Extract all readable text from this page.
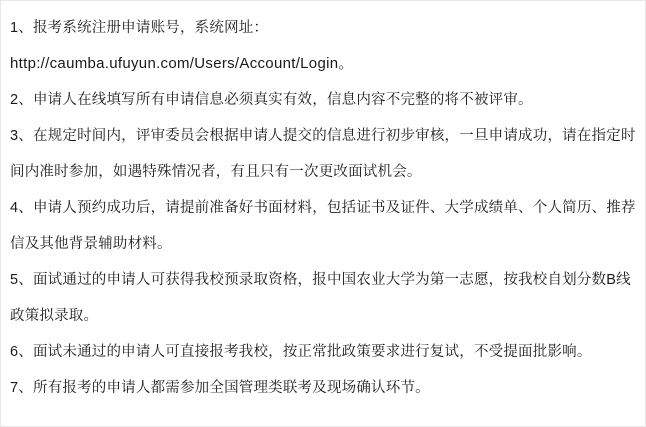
1、报考系统注册申请账号，系统网址：

http://caumba.ufuyun.com/Users/Account/Login。

2、申请人在线填写所有申请信息必须真实有效，信息内容不完整的将不被评审。

3、在规定时间内，评审委员会根据申请人提交的信息进行初步审核，一旦申请成功，请在指定时间内准时参加，如遇特殊情况者，有且只有一次更改面试机会。

4、申请人预约成功后，请提前准备好书面材料，包括证书及证件、大学成绩单、个人简历、推荐信及其他背景辅助材料。

5、面试通过的申请人可获得我校预录取资格，报中国农业大学为第一志愿，按我校自划分数B线政策拟录取。

6、面试未通过的申请人可直接报考我校，按正常批政策要求进行复试，不受提面批影响。

7、所有报考的申请人都需参加全国管理类联考及现场确认环节。
